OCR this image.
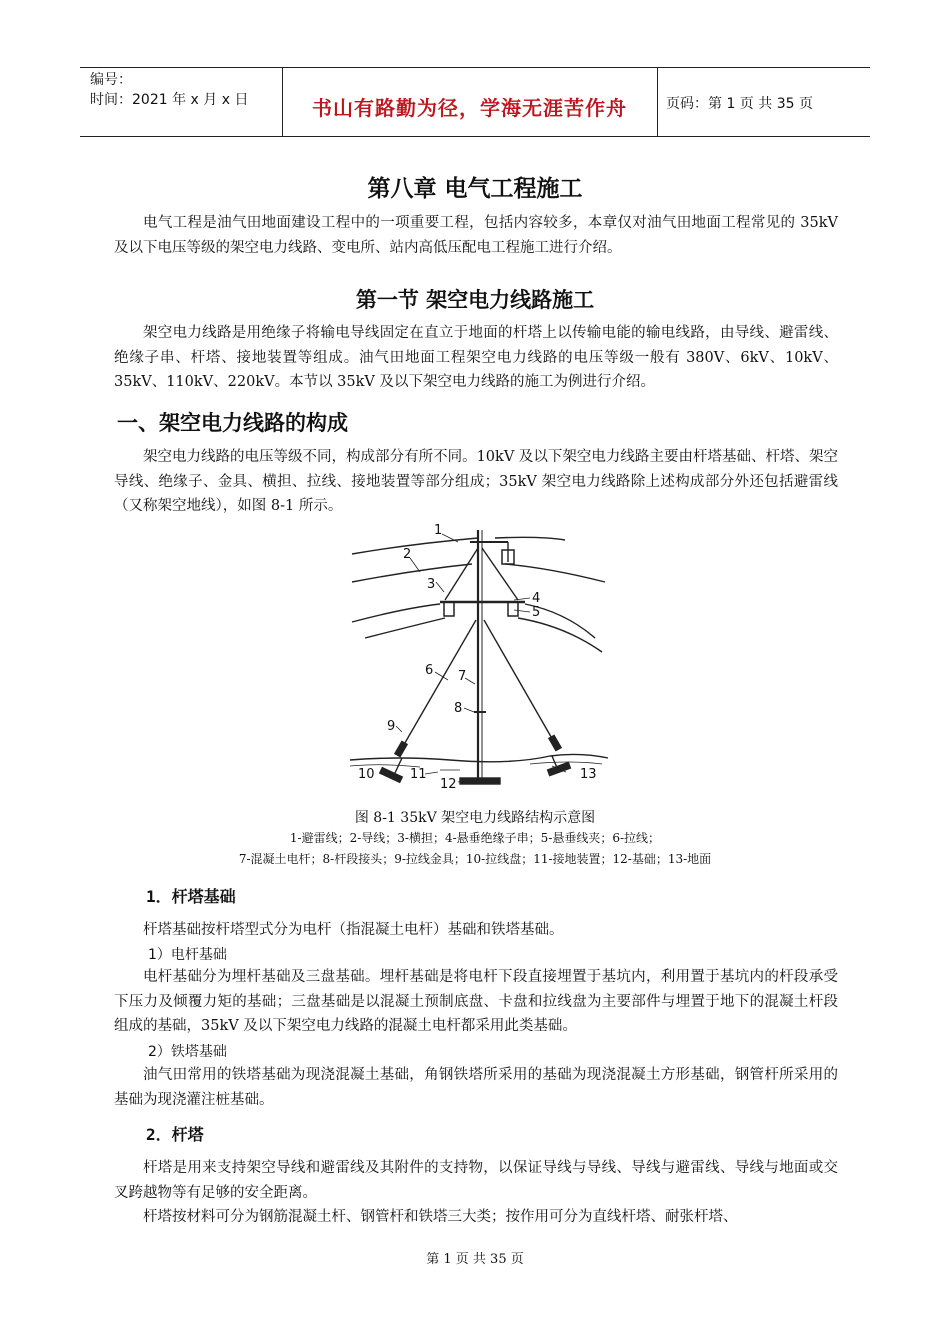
编号：
时间：2021 年 x 月 x 日	书山有路勤为径，学海无涯苦作舟	页码：第 1 页 共 35 页
第八章 电气工程施工

电气工程是油气田地面建设工程中的一项重要工程，包括内容较多，本章仅对油气田地面工程常见的 35kV 及以下电压等级的架空电力线路、变电所、站内高低压配电工程施工进行介绍。

第一节 架空电力线路施工

架空电力线路是用绝缘子将输电导线固定在直立于地面的杆塔上以传输电能的输电线路，由导线、避雷线、绝缘子串、杆塔、接地装置等组成。油气田地面工程架空电力线路的电压等级一般有 380V、6kV、10kV、35kV、110kV、220kV。本节以 35kV 及以下架空电力线路的施工为例进行介绍。

一、架空电力线路的构成

架空电力线路的电压等级不同，构成部分有所不同。10kV 及以下架空电力线路主要由杆塔基础、杆塔、架空导线、绝缘子、金具、横担、拉线、接地装置等部分组成；35kV 架空电力线路除上述构成部分外还包括避雷线（又称架空地线），如图 8-1 所示。

1
2
3
4
5
6 7
8
9
10	11
12
13
图 8-1 35kV 架空电力线路结构示意图
1-避雷线；2-导线；3-横担；4-悬垂绝缘子串；5-悬垂线夹；6-拉线；
7-混凝土电杆；8-杆段接头；9-拉线金具；10-拉线盘；11-接地装置；12-基础；13-地面
1．杆塔基础

杆塔基础按杆塔型式分为电杆（指混凝土电杆）基础和铁塔基础。

1）电杆基础

电杆基础分为埋杆基础及三盘基础。埋杆基础是将电杆下段直接埋置于基坑内，利用置于基坑内的杆段承受下压力及倾覆力矩的基础；三盘基础是以混凝土预制底盘、卡盘和拉线盘为主要部件与埋置于地下的混凝土杆段组成的基础，35kV 及以下架空电力线路的混凝土电杆都采用此类基础。

2）铁塔基础

油气田常用的铁塔基础为现浇混凝土基础，角钢铁塔所采用的基础为现浇混凝土方形基础，钢管杆所采用的基础为现浇灌注桩基础。

2．杆塔

杆塔是用来支持架空导线和避雷线及其附件的支持物，以保证导线与导线、导线与避雷线、导线与地面或交叉跨越物等有足够的安全距离。

杆塔按材料可分为钢筋混凝土杆、钢管杆和铁塔三大类；按作用可分为直线杆塔、耐张杆塔、

第 1 页 共 35 页
